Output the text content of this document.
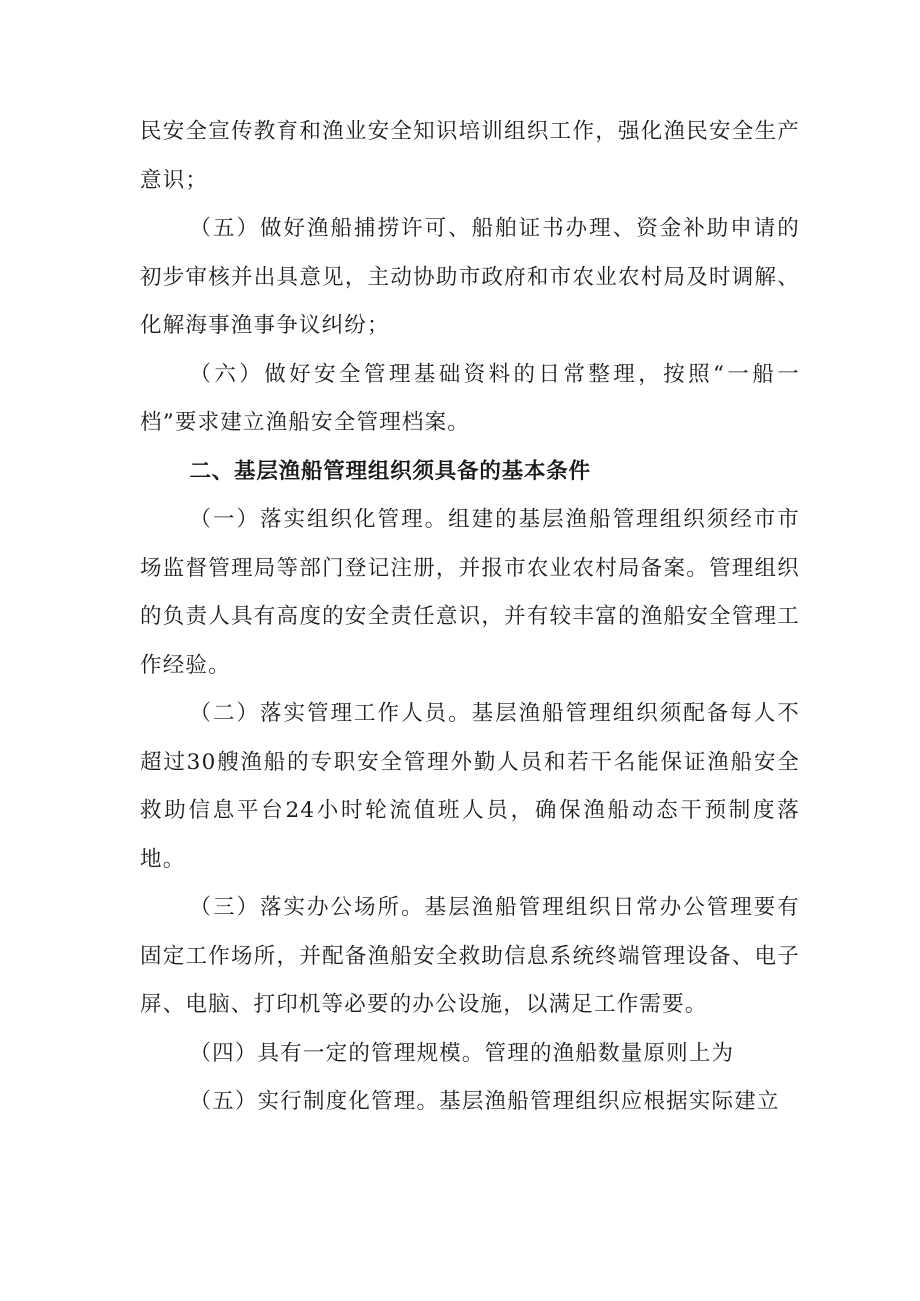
民安全宣传教育和渔业安全知识培训组织工作，强化渔民安全生产意识；

（五）做好渔船捕捞许可、船舶证书办理、资金补助申请的初步审核并出具意见，主动协助市政府和市农业农村局及时调解、化解海事渔事争议纠纷；

（六）做好安全管理基础资料的日常整理，按照“一船一档”要求建立渔船安全管理档案。

二、基层渔船管理组织须具备的基本条件

（一）落实组织化管理。组建的基层渔船管理组织须经市市场监督管理局等部门登记注册，并报市农业农村局备案。管理组织的负责人具有高度的安全责任意识，并有较丰富的渔船安全管理工作经验。

（二）落实管理工作人员。基层渔船管理组织须配备每人不超过30艘渔船的专职安全管理外勤人员和若干名能保证渔船安全救助信息平台24小时轮流值班人员，确保渔船动态干预制度落地。

（三）落实办公场所。基层渔船管理组织日常办公管理要有固定工作场所，并配备渔船安全救助信息系统终端管理设备、电子屏、电脑、打印机等必要的办公设施，以满足工作需要。

（四）具有一定的管理规模。管理的渔船数量原则上为

（五）实行制度化管理。基层渔船管理组织应根据实际建立
